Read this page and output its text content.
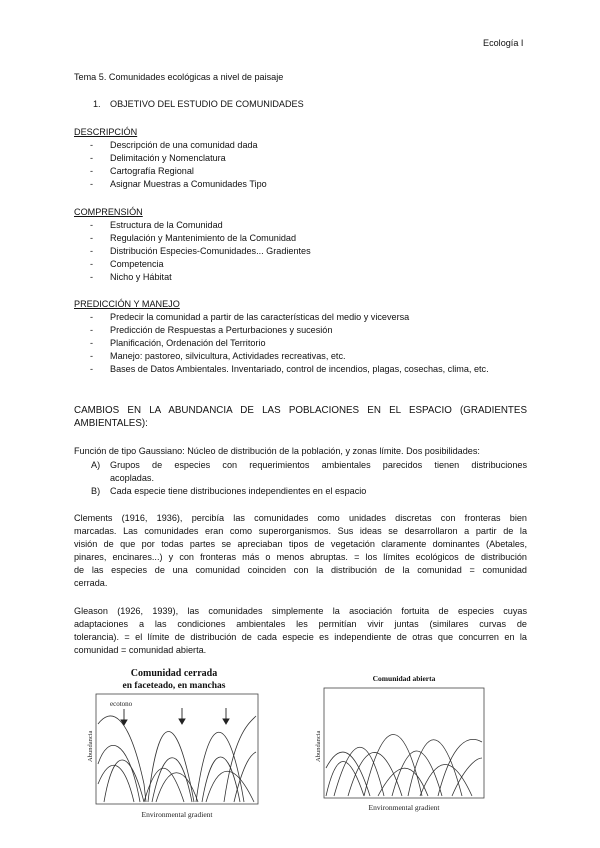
Ecología I
Tema 5. Comunidades ecológicas a nivel de paisaje
1. OBJETIVO DEL ESTUDIO DE COMUNIDADES
DESCRIPCIÓN
- Descripción de una comunidad dada
- Delimitación y Nomenclatura
- Cartografía Regional
- Asignar Muestras a Comunidades Tipo
COMPRENSIÓN
- Estructura de la Comunidad
- Regulación y Mantenimiento de la Comunidad
- Distribución Especies-Comunidades... Gradientes
- Competencia
- Nicho y Hábitat
PREDICCIÓN Y MANEJO
- Predecir la comunidad a partir de las características del medio y viceversa
- Predicción de Respuestas a Perturbaciones y sucesión
- Planificación, Ordenación del Territorio
- Manejo: pastoreo, silvicultura, Actividades recreativas, etc.
- Bases de Datos Ambientales. Inventariado, control de incendios, plagas, cosechas, clima, etc.
CAMBIOS EN LA ABUNDANCIA DE LAS POBLACIONES EN EL ESPACIO (GRADIENTES
AMBIENTALES):
Función de tipo Gaussiano: Núcleo de distribución de la población, y zonas límite. Dos posibilidades:
A) Grupos de especies con requerimientos ambientales parecidos tienen distribuciones
acopladas.
B) Cada especie tiene distribuciones independientes en el espacio
Clements (1916, 1936), percibía las comunidades como unidades discretas con fronteras bien
marcadas. Las comunidades eran como superorganismos. Sus ideas se desarrollaron a partir de la
visión de que por todas partes se apreciaban tipos de vegetación claramente dominantes (Abetales,
pinares, encinares...) y con fronteras más o menos abruptas. = los límites ecológicos de distribución
de las especies de una comunidad coinciden con la distribución de la comunidad = comunidad
cerrada.
Gleason (1926, 1939), las comunidades simplemente la asociación fortuita de especies cuyas
adaptaciones a las condiciones ambientales les permitían vivir juntas (similares curvas de
tolerancia). = el límite de distribución de cada especie es independiente de otras que concurren en la
comunidad = comunidad abierta.
Comunidad cerrada
en faceteado, en manchas
ecotono
Abundancia
Environmental gradient
Comunidad abierta
Abundancia
Environmental gradient
